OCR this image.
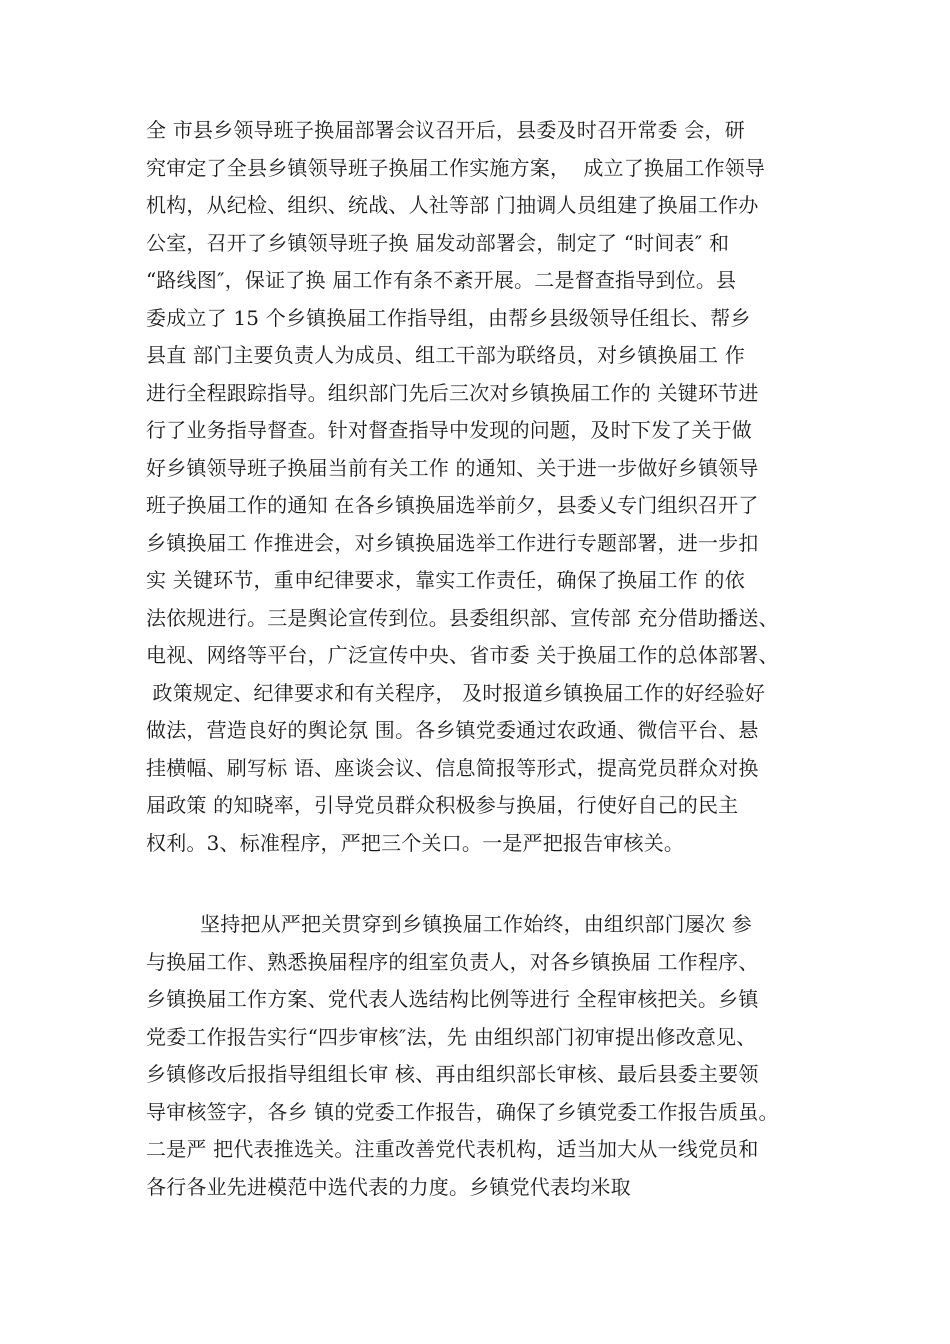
全 市县乡领导班子换届部署会议召开后，县委及时召开常委 会，研
究审定了全县乡镇领导班子换届工作实施方案，  成立了换届工作领导
机构，从纪检、组织、统战、人社等部 门抽调人员组建了换届工作办
公室，召开了乡镇领导班子换 届发动部署会，制定了 “时间表″ 和
“路线图″，保证了换 届工作有条不紊开展。二是督查指导到位。县
委成立了 15 个乡镇换届工作指导组，由帮乡县级领导任组长、帮乡
县直 部门主要负责人为成员、组工干部为联络员，对乡镇换届工 作
进行全程跟踪指导。组织部门先后三次对乡镇换届工作的 关键环节进
行了业务指导督查。针对督查指导中发现的问题，及时下发了关于做
好乡镇领导班子换届当前有关工作 的通知、关于进一步做好乡镇领导
班子换届工作的通知 在各乡镇换届选举前夕，县委乂专门组织召开了
乡镇换届工 作推进会，对乡镇换届选举工作进行专题部署，进一步扣
实 关键环节，重申纪律要求，靠实工作责任，确保了换届工作 的依
法依规进行。三是舆论宣传到位。县委组织部、宣传部 充分借助播送、
电视、网络等平台，广泛宣传中央、省市委 关于换届工作的总体部署、
政策规定、纪律要求和有关程序， 及时报道乡镇换届工作的好经验好
做法，营造良好的舆论氛 围。各乡镇党委通过农政通、微信平台、悬
挂横幅、刷写标 语、座谈会议、信息简报等形式，提高党员群众对换
届政策 的知晓率，引导党员群众积极参与换届，行使好自己的民主
权利。3、标准程序，严把三个关口。一是严把报告审核关。
坚持把从严把关贯穿到乡镇换届工作始终，由组织部门屡次 参
与换届工作、熟悉换届程序的组室负责人，对各乡镇换届 工作程序、
乡镇换届工作方案、党代表人选结构比例等进行 全程审核把关。乡镇
党委工作报告实行“四步审核″法，先 由组织部门初审提出修改意见、
乡镇修改后报指导组组长审 核、再由组织部长审核、最后县委主要领
导审核签字，各乡 镇的党委工作报告，确保了乡镇党委工作报告质虽。
二是严 把代表推选关。注重改善党代表机构，适当加大从一线党员和
各行各业先进模范中选代表的力度。乡镇党代表均米取
